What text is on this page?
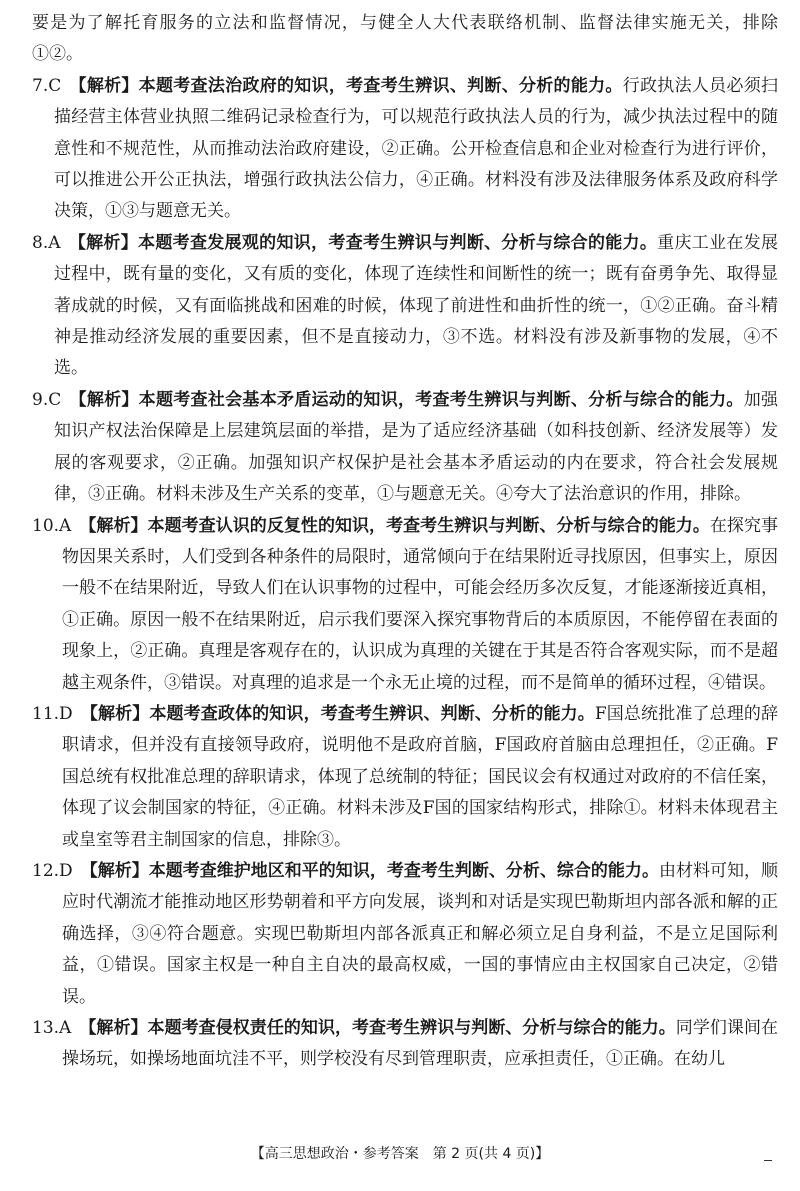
要是为了解托育服务的立法和监督情况，与健全人大代表联络机制、监督法律实施无关，排除①②。

7.C 【解析】本题考查法治政府的知识，考查考生辨识、判断、分析的能力。行政执法人员必须扫描经营主体营业执照二维码记录检查行为，可以规范行政执法人员的行为，减少执法过程中的随意性和不规范性，从而推动法治政府建设，②正确。公开检查信息和企业对检查行为进行评价，可以推进公开公正执法，增强行政执法公信力，④正确。材料没有涉及法律服务体系及政府科学决策，①③与题意无关。

8.A 【解析】本题考查发展观的知识，考查考生辨识与判断、分析与综合的能力。重庆工业在发展过程中，既有量的变化，又有质的变化，体现了连续性和间断性的统一；既有奋勇争先、取得显著成就的时候，又有面临挑战和困难的时候，体现了前进性和曲折性的统一，①②正确。奋斗精神是推动经济发展的重要因素，但不是直接动力，③不选。材料没有涉及新事物的发展，④不选。

9.C 【解析】本题考查社会基本矛盾运动的知识，考查考生辨识与判断、分析与综合的能力。加强知识产权法治保障是上层建筑层面的举措，是为了适应经济基础（如科技创新、经济发展等）发展的客观要求，②正确。加强知识产权保护是社会基本矛盾运动的内在要求，符合社会发展规律，③正确。材料未涉及生产关系的变革，①与题意无关。④夸大了法治意识的作用，排除。

10.A 【解析】本题考查认识的反复性的知识，考查考生辨识与判断、分析与综合的能力。在探究事物因果关系时，人们受到各种条件的局限时，通常倾向于在结果附近寻找原因，但事实上，原因一般不在结果附近，导致人们在认识事物的过程中，可能会经历多次反复，才能逐渐接近真相，①正确。原因一般不在结果附近，启示我们要深入探究事物背后的本质原因，不能停留在表面的现象上，②正确。真理是客观存在的，认识成为真理的关键在于其是否符合客观实际，而不是超越主观条件，③错误。对真理的追求是一个永无止境的过程，而不是简单的循环过程，④错误。

11.D 【解析】本题考查政体的知识，考查考生辨识、判断、分析的能力。F国总统批准了总理的辞职请求，但并没有直接领导政府，说明他不是政府首脑，F国政府首脑由总理担任，②正确。F国总统有权批准总理的辞职请求，体现了总统制的特征；国民议会有权通过对政府的不信任案，体现了议会制国家的特征，④正确。材料未涉及F国的国家结构形式，排除①。材料未体现君主或皇室等君主制国家的信息，排除③。

12.D 【解析】本题考查维护地区和平的知识，考查考生判断、分析、综合的能力。由材料可知，顺应时代潮流才能推动地区形势朝着和平方向发展，谈判和对话是实现巴勒斯坦内部各派和解的正确选择，③④符合题意。实现巴勒斯坦内部各派真正和解必须立足自身利益，不是立足国际利益，①错误。国家主权是一种自主自决的最高权威，一国的事情应由主权国家自己决定，②错误。

13.A 【解析】本题考查侵权责任的知识，考查考生辨识与判断、分析与综合的能力。同学们课间在操场玩，如操场地面坑洼不平，则学校没有尽到管理职责，应承担责任，①正确。在幼儿

【高三思想政治・参考答案　第 2 页(共 4 页)】
